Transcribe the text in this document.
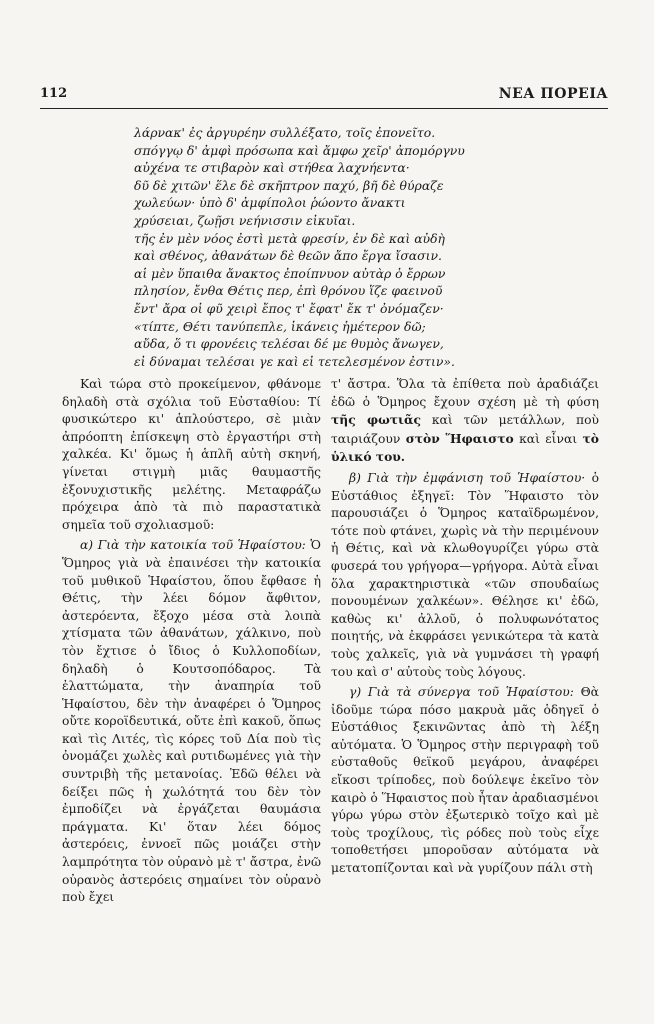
112	ΝΕΑ ΠΟΡΕΙΑ
λάρνακ' ἐς ἀργυρέην συλλέξατο, τοῖς ἐπονεῖτο.
σπόγγῳ δ' ἀμφὶ πρόσωπα καὶ ἄμφω χεῖρ' ἀπομόργνυ
αὐχένα τε στιβαρὸν καὶ στήθεα λαχνήεντα·
δῦ δὲ χιτῶν' ἕλε δὲ σκῆπτρον παχύ, βῆ δὲ θύραζε
χωλεύων· ὑπὸ δ' ἀμφίπολοι ῥώοντο ἄνακτι
χρύσειαι, ζωῇσι νεήνισσιν εἰκυῖαι.
τῆς ἐν μὲν νόος ἐστὶ μετὰ φρεσίν, ἐν δὲ καὶ αὐδὴ
καὶ σθένος, ἀθανάτων δὲ θεῶν ἄπο ἔργα ἴσασιν.
αἱ μὲν ὕπαιθα ἄνακτος ἐποίπνυον αὐτὰρ ὁ ἔρρων
πλησίον, ἔνθα Θέτις περ, ἐπὶ θρόνου ἵζε φαεινοῦ
ἔντ' ἄρα οἱ φῦ χειρὶ ἔπος τ' ἔφατ' ἔκ τ' ὀνόμαζεν·
«τίπτε, Θέτι τανύπεπλε, ἱκάνεις ἡμέτερον δῶ;
αὔδα, ὅ τι φρονέεις τελέσαι δέ με θυμὸς ἄνωγεν,
εἰ δύναμαι τελέσαι γε καὶ εἰ τετελεσμένον ἐστιν».

Καὶ τώρα στὸ προκείμενον, φθάνομε δηλαδὴ στὰ σχόλια τοῦ Εὐσταθίου: Τί φυσικώτερο κι' ἁπλούστερο, σὲ μιὰν ἀπρόοπτη ἐπίσκεψη στὸ ἐργαστήρι στὴ χαλκέα. Κι' ὅμως ἡ ἁπλῆ αὐτὴ σκηνή, γίνεται στιγμὴ μιᾶς θαυμαστῆς ἐξονυχιστικῆς μελέτης. Μεταφράζω πρόχειρα ἀπὸ τὰ πιὸ παραστατικὰ σημεῖα τοῦ σχολιασμοῦ:

α) Γιὰ τὴν κατοικία τοῦ Ἡφαίστου: Ὁ Ὅμηρος γιὰ νὰ ἐπαινέσει τὴν κατοικία τοῦ μυθικοῦ Ἡφαίστου, ὅπου ἔφθασε ἡ Θέτις, τὴν λέει δόμον ἄφθιτον, ἀστερόεντα, ἔξοχο μέσα στὰ λοιπὰ χτίσματα τῶν ἀθανάτων, χάλκινο, ποὺ τὸν ἔχτισε ὁ ἴδιος ὁ Κυλλοποδίων, δηλαδὴ ὁ Κουτσοπόδαρος. Τὰ ἐλαττώματα, τὴν ἀναπηρία τοῦ Ἡφαίστου, δὲν τὴν ἀναφέρει ὁ Ὅμηρος οὔτε κοροϊδευτικά, οὔτε ἐπὶ κακοῦ, ὅπως καὶ τὶς Λιτές, τὶς κόρες τοῦ Δία ποὺ τὶς ὀνομάζει χωλὲς καὶ ρυτιδωμένες γιὰ τὴν συντριβὴ τῆς μετανοίας. Ἐδῶ θέλει νὰ δείξει πῶς ἡ χωλότητά του δὲν τὸν ἐμποδίζει νὰ ἐργάζεται θαυμάσια πράγματα. Κι' ὅταν λέει δόμος ἀστερόεις, ἐννοεῖ πῶς μοιάζει στὴν λαμπρότητα τὸν οὐρανὸ μὲ τ' ἄστρα, ἐνῶ οὐρανὸς ἀστερόεις σημαίνει τὸν οὐρανὸ ποὺ ἔχει

τ' ἄστρα. Ὅλα τὰ ἐπίθετα ποὺ ἀραδιάζει ἐδῶ ὁ Ὅμηρος ἔχουν σχέση μὲ τὴ φύση τῆς φωτιᾶς καὶ τῶν μετάλλων, ποὺ ταιριάζουν στὸν Ἥφαιστο καὶ εἶναι τὸ ὑλικό του.

β) Γιὰ τὴν ἐμφάνιση τοῦ Ἡφαίστου· ὁ Εὐστάθιος ἐξηγεῖ: Τὸν Ἥφαιστο τὸν παρουσιάζει ὁ Ὅμηρος καταϊδρωμένον, τότε ποὺ φτάνει, χωρὶς νὰ τὴν περιμένουν ἡ Θέτις, καὶ νὰ κλωθογυρίζει γύρω στὰ φυσερά του γρήγορα—γρήγορα. Αὐτὰ εἶναι ὅλα χαρακτηριστικὰ «τῶν σπουδαίως πονουμένων χαλκέων». Θέλησε κι' ἐδῶ, καθὼς κι' ἀλλοῦ, ὁ πολυφωνότατος ποιητής, νὰ ἐκφράσει γενικώτερα τὰ κατὰ τοὺς χαλκεῖς, γιὰ νὰ γυμνάσει τὴ γραφή του καὶ σ' αὐτοὺς τοὺς λόγους.

γ) Γιὰ τὰ σύνεργα τοῦ Ἡφαίστου: Θὰ ἰδοῦμε τώρα πόσο μακρυὰ μᾶς ὁδηγεῖ ὁ Εὐστάθιος ξεκινῶντας ἀπὸ τὴ λέξη αὐτόματα. Ὁ Ὅμηρος στὴν περιγραφὴ τοῦ εὐσταθοῦς θεϊκοῦ μεγάρου, ἀναφέρει εἴκοσι τρίποδες, ποὺ δούλεψε ἐκεῖνο τὸν καιρὸ ὁ Ἥφαιστος ποὺ ἦταν ἀραδιασμένοι γύρω γύρω στὸν ἐξωτερικὸ τοῖχο καὶ μὲ τοὺς τροχίλους, τὶς ρόδες ποὺ τοὺς εἶχε τοποθετήσει μποροῦσαν αὐτόματα νὰ μετατοπίζονται καὶ νὰ γυρίζουν πάλι στὴ
